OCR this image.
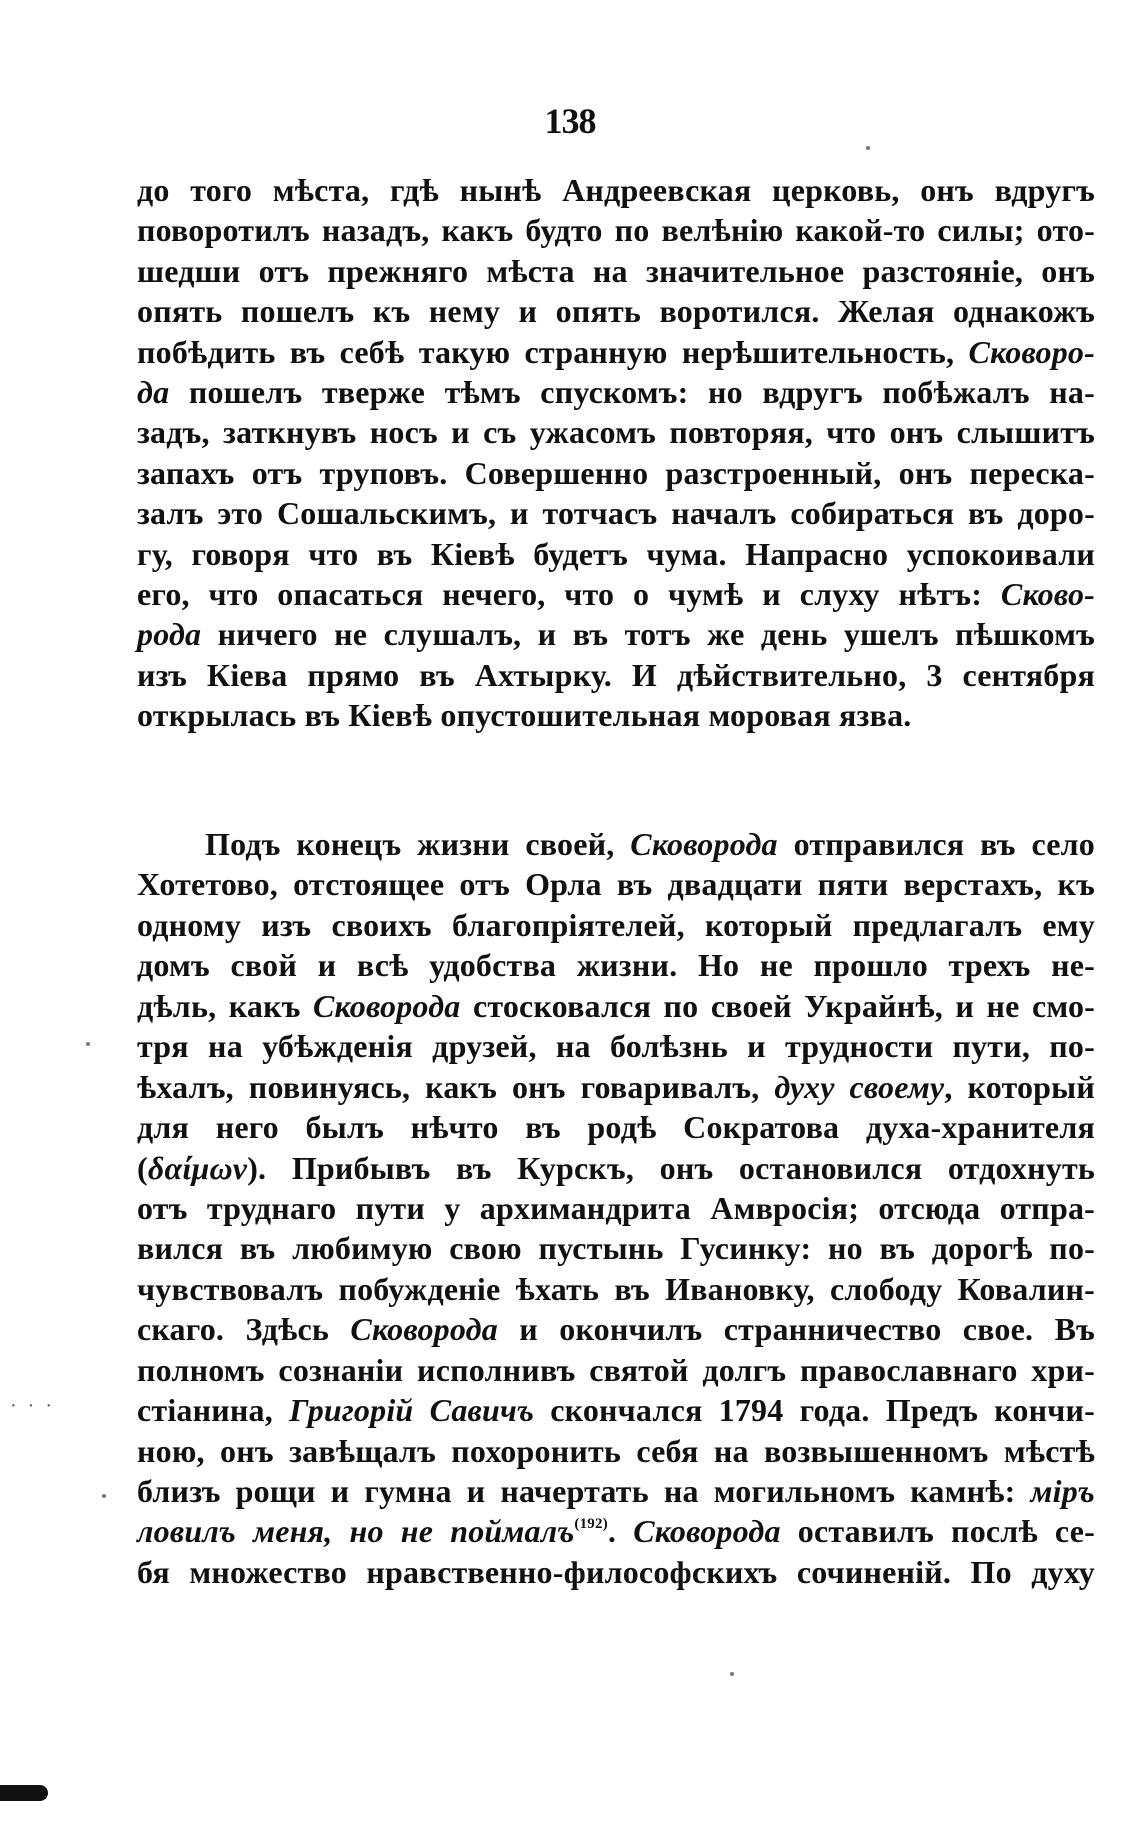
138
до того мѣста, гдѣ нынѣ Андреевская церковь, онъ вдругъ
поворотилъ назадъ, какъ будто по велѣнію какой-то силы; ото-
шедши отъ прежняго мѣста на значительное разстояніе, онъ
опять пошелъ къ нему и опять воротился. Желая однакожъ
побѣдить въ себѣ такую странную нерѣшительность, Сковоро-
да пошелъ тверже тѣмъ спускомъ: но вдругъ побѣжалъ на-
задъ, заткнувъ носъ и съ ужасомъ повторяя, что онъ слышитъ
запахъ отъ труповъ. Совершенно разстроенный, онъ переска-
залъ это Сошальскимъ, и тотчасъ началъ собираться въ доро-
гу, говоря что въ Кіевѣ будетъ чума. Напрасно успокоивали
его, что опасаться нечего, что о чумѣ и слуху нѣтъ: Сково-
рода ничего не слушалъ, и въ тотъ же день ушелъ пѣшкомъ
изъ Кіева прямо въ Ахтырку. И дѣйствительно, 3 сентября
открылась въ Кіевѣ опустошительная моровая язва.
Подъ конецъ жизни своей, Сковорода отправился въ село
Хотетово, отстоящее отъ Орла въ двадцати пяти верстахъ, къ
одному изъ своихъ благопріятелей, который предлагалъ ему
домъ свой и всѣ удобства жизни. Но не прошло трехъ не-
дѣль, какъ Сковорода стосковался по своей Украйнѣ, и не смо-
тря на убѣжденія друзей, на болѣзнь и трудности пути, по-
ѣхалъ, повинуясь, какъ онъ говаривалъ, духу своему, который
для него былъ нѣчто въ родѣ Сократова духа-хранителя
(δαίμων). Прибывъ въ Курскъ, онъ остановился отдохнуть
отъ труднаго пути у архимандрита Амвросія; отсюда отпра-
вился въ любимую свою пустынь Гусинку: но въ дорогѣ по-
чувствовалъ побужденіе ѣхать въ Ивановку, слободу Ковалин-
скаго. Здѣсь Сковорода и окончилъ странничество свое. Въ
полномъ сознаніи исполнивъ святой долгъ православнаго хри-
стіанина, Григорій Савичъ скончался 1794 года. Предъ кончи-
ною, онъ завѣщалъ похоронить себя на возвышенномъ мѣстѣ
близъ рощи и гумна и начертать на могильномъ камнѣ: міръ
ловилъ меня, но не поймалъ$^{(192)}$. Сковорода оставилъ послѣ се-
бя множество нравственно-философскихъ сочиненій. По духу
· · ·
